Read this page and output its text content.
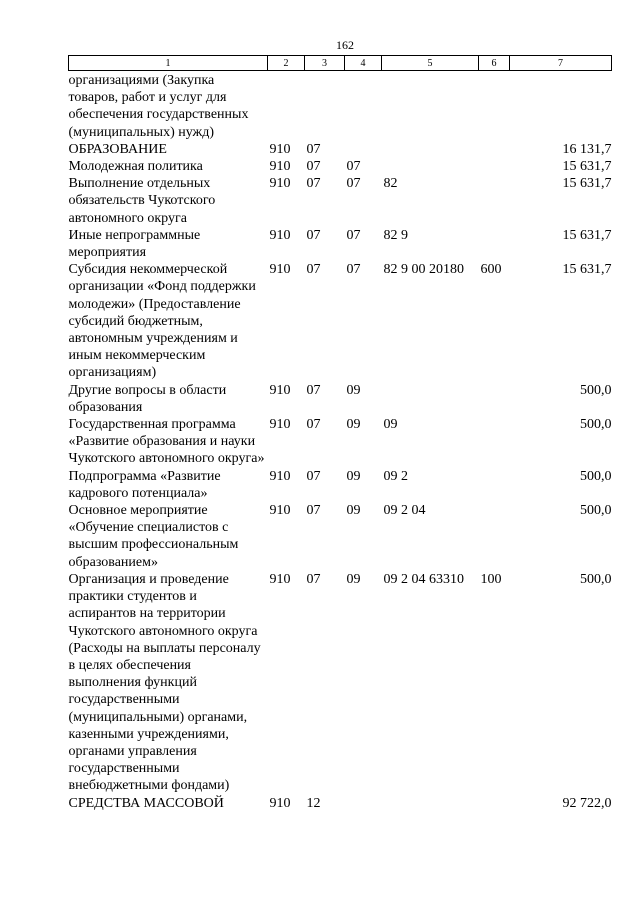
162
1	2	3	4	5	6	7
организациями (Закупка товаров, работ и услуг для обеспечения государственных (муниципальных) нужд)						
ОБРАЗОВАНИЕ	910	07				16 131,7
Молодежная политика	910	07	07			15 631,7
Выполнение отдельных обязательств Чукотского автономного округа	910	07	07	82		15 631,7
Иные непрограммные мероприятия	910	07	07	82 9		15 631,7
Субсидия некоммерческой организации «Фонд поддержки молодежи» (Предоставление субсидий бюджетным, автономным учреждениям и иным некоммерческим организациям)	910	07	07	82 9 00 20180	600	15 631,7
Другие вопросы в области образования	910	07	09			500,0
Государственная программа «Развитие образования и науки Чукотского автономного округа»	910	07	09	09		500,0
Подпрограмма «Развитие кадрового потенциала»	910	07	09	09 2		500,0
Основное мероприятие «Обучение специалистов с высшим профессиональным образованием»	910	07	09	09 2 04		500,0
Организация и проведение практики студентов и аспирантов на территории Чукотского автономного округа (Расходы на выплаты персоналу в целях обеспечения выполнения функций государственными (муниципальными) органами, казенными учреждениями, органами управления государственными внебюджетными фондами)	910	07	09	09 2 04 63310	100	500,0
СРЕДСТВА МАССОВОЙ	910	12				92 722,0
